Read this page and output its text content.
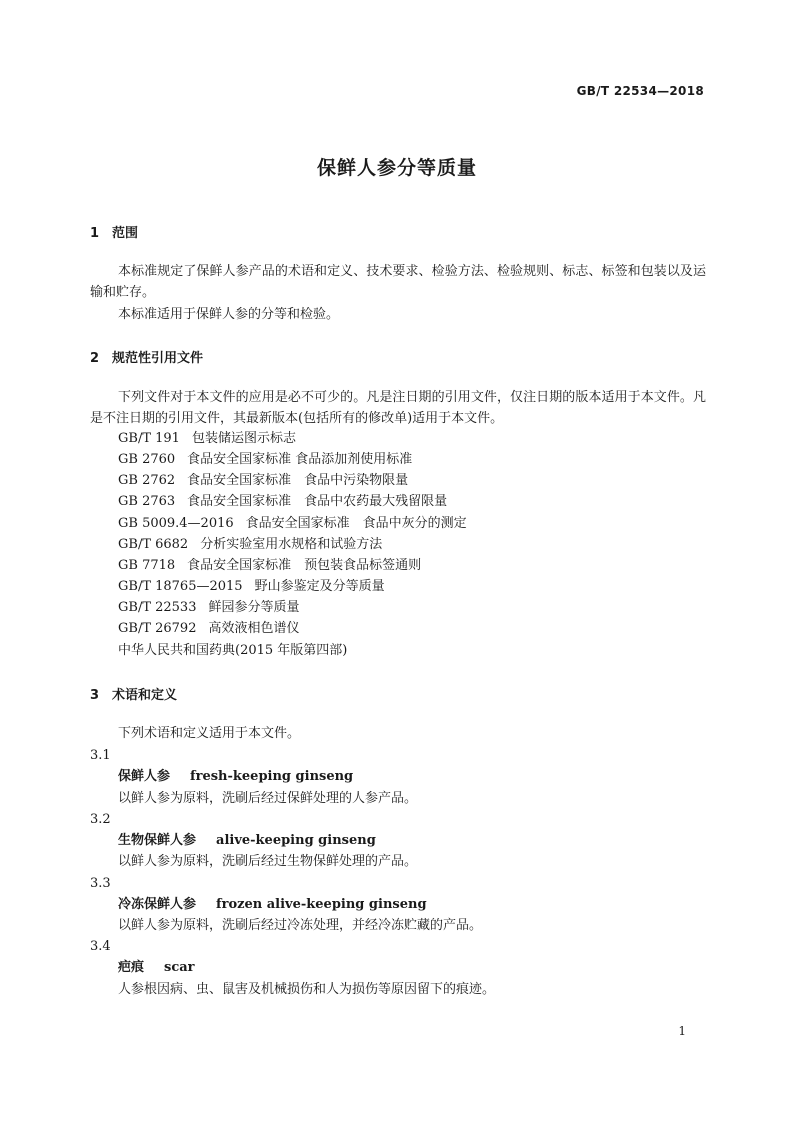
GB/T 22534—2018
保鲜人参分等质量
1 范围
本标准规定了保鲜人参产品的术语和定义、技术要求、检验方法、检验规则、标志、标签和包装以及运输和贮存。
本标准适用于保鲜人参的分等和检验。
2 规范性引用文件
下列文件对于本文件的应用是必不可少的。凡是注日期的引用文件，仅注日期的版本适用于本文件。凡是不注日期的引用文件，其最新版本(包括所有的修改单)适用于本文件。
GB/T 191 包装储运图示标志
GB 2760 食品安全国家标准 食品添加剂使用标准
GB 2762 食品安全国家标准　食品中污染物限量
GB 2763 食品安全国家标准　食品中农药最大残留限量
GB 5009.4—2016 食品安全国家标准　食品中灰分的测定
GB/T 6682 分析实验室用水规格和试验方法
GB 7718 食品安全国家标准　预包装食品标签通则
GB/T 18765—2015 野山参鉴定及分等质量
GB/T 22533 鲜园参分等质量
GB/T 26792 高效液相色谱仪
中华人民共和国药典(2015 年版第四部)
3 术语和定义
下列术语和定义适用于本文件。
3.1
保鲜人参 fresh-keeping ginseng
以鲜人参为原料，洗刷后经过保鲜处理的人参产品。
3.2
生物保鲜人参 alive-keeping ginseng
以鲜人参为原料，洗刷后经过生物保鲜处理的产品。
3.3
冷冻保鲜人参 frozen alive-keeping ginseng
以鲜人参为原料，洗刷后经过冷冻处理，并经冷冻贮藏的产品。
3.4
疤痕 scar
人参根因病、虫、鼠害及机械损伤和人为损伤等原因留下的痕迹。
1
